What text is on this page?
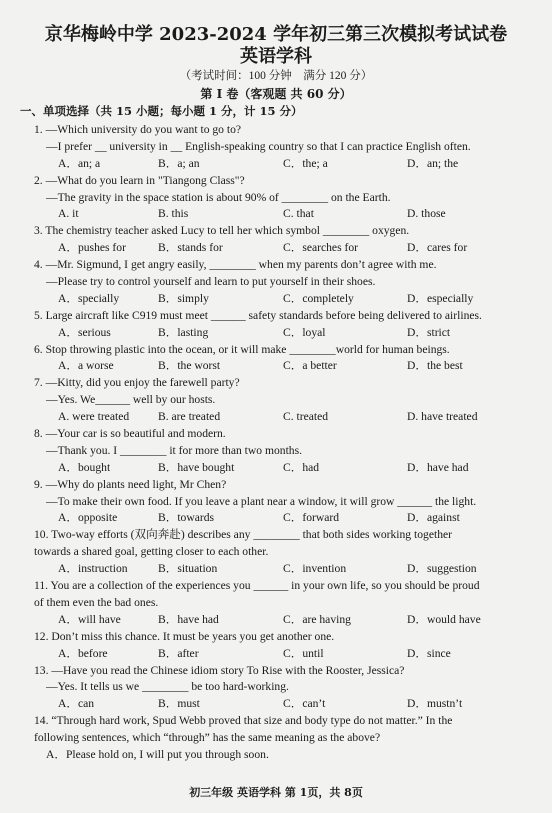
京华梅岭中学 2023-2024 学年初三第三次模拟考试试卷
英语学科
（考试时间：100 分钟    满分 120 分）
第 I 卷（客观题 共 60 分）
一、单项选择（共 15 小题；每小题 1 分，计 15 分）
1. —Which university do you want to go to?
—I prefer __ university in __ English-speaking country so that I can practice English often.
A．an; a	B．a; an	C．the; a	D．an; the
2. —What do you learn in "Tiangong Class"?
—The gravity in the space station is about 90% of ________ on the Earth.
A. it	B. this	C. that	D. those
3. The chemistry teacher asked Lucy to tell her which symbol ________ oxygen.
A．pushes for	B．stands for	C．searches for	D．cares for
4. —Mr. Sigmund, I get angry easily, ________ when my parents don’t agree with me.
—Please try to control yourself and learn to put yourself in their shoes.
A．specially	B．simply	C．completely	D．especially
5. Large aircraft like C919 must meet ______ safety standards before being delivered to airlines.
A．serious	B．lasting	C．loyal	D．strict
6. Stop throwing plastic into the ocean, or it will make ________world for human beings.
A．a worse	B．the worst	C．a better	D．the best
7. —Kitty, did you enjoy the farewell party?
—Yes. We______ well by our hosts.
A. were treated B. are treated	C. treated	D. have treated
8. —Your car is so beautiful and modern.
—Thank you. I ________ it for more than two months.
A．bought	B．have bought	C．had	D．have had
9. —Why do plants need light, Mr Chen?
—To make their own food. If you leave a plant near a window, it will grow ______ the light.
A．opposite	B．towards	C．forward	D．against
10. Two-way efforts (双向奔赴) describes any ________ that both sides working together
towards a shared goal, getting closer to each other.
A．instruction	B．situation	C．invention	D．suggestion
11. You are a collection of the experiences you ______ in your own life, so you should be proud
of them even the bad ones.
A．will have	B．have had	C．are having	D．would have
12. Don’t miss this chance. It must be years you get another one.
A．before	B．after	C．until	D．since
13. —Have you read the Chinese idiom story To Rise with the Rooster, Jessica?
—Yes. It tells us we ________ be too hard-working.
A．can	B．must	C．can’t	D．mustn’t
14. “Through hard work, Spud Webb proved that size and body type do not matter.” In the
following sentences, which “through” has the same meaning as the above?
A．Please hold on, I will put you through soon.
初三年级 英语学科 第 1页，共 8页
